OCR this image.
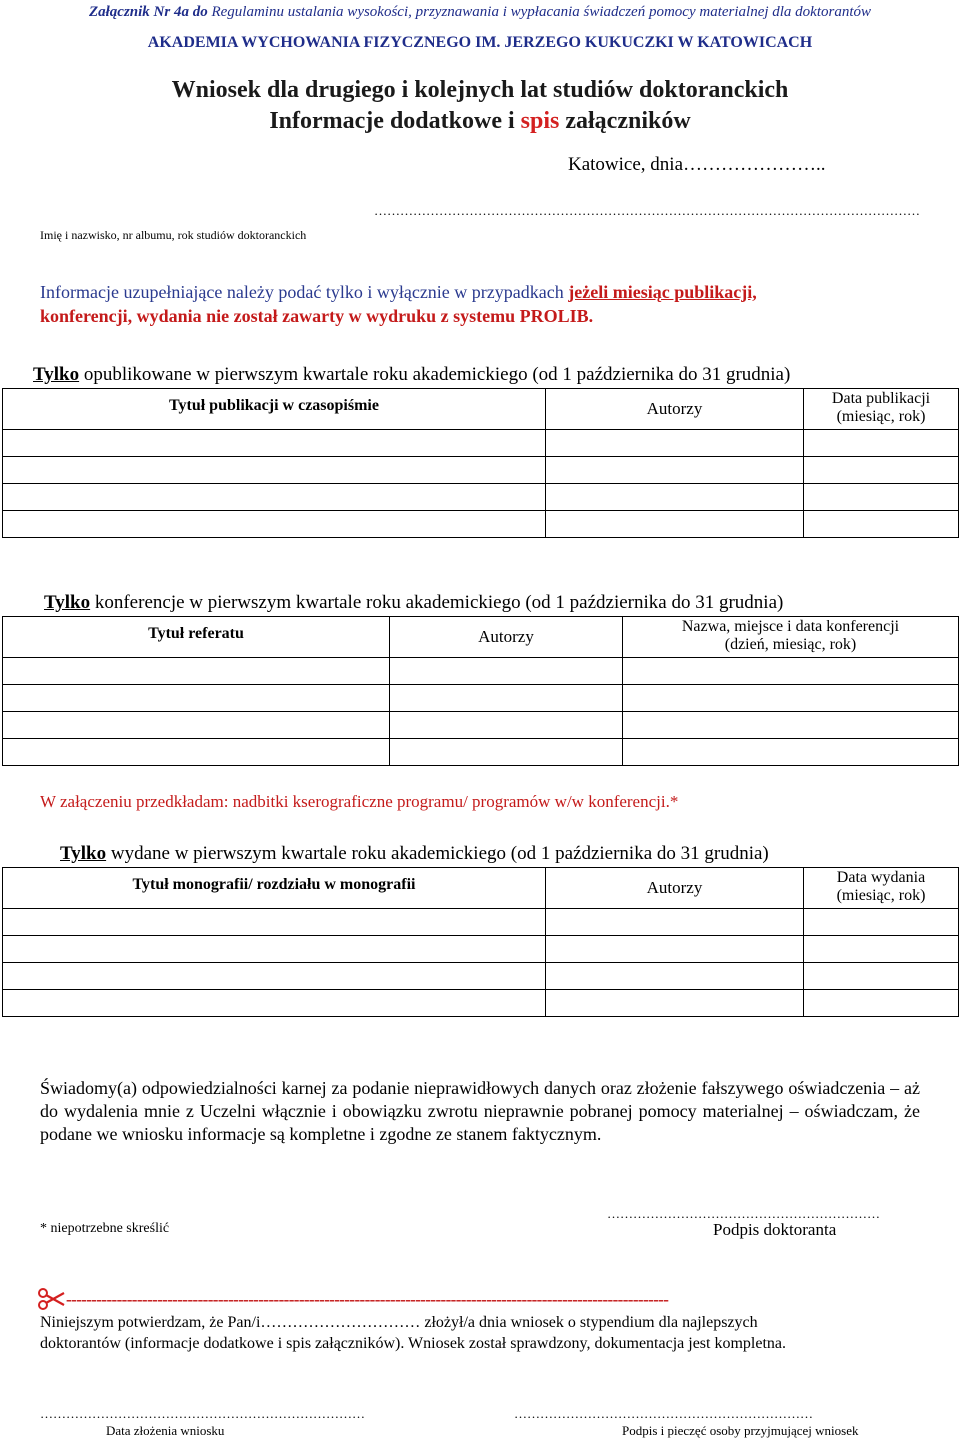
Załącznik Nr 4a do Regulaminu ustalania wysokości, przyznawania i wypłacania świadczeń pomocy materialnej dla doktorantów
AKADEMIA WYCHOWANIA FIZYCZNEGO IM. JERZEGO KUKUCZKI W KATOWICACH
Wniosek dla drugiego i kolejnych lat studiów doktoranckich
Informacje dodatkowe i spis załączników
Katowice, dnia…………………..
………………………………………………………………………………………………………………
Imię i nazwisko, nr albumu, rok studiów doktoranckich
Informacje uzupełniające należy podać tylko i wyłącznie w przypadkach jeżeli miesiąc publikacji,
konferencji, wydania nie został zawarty w wydruku z systemu PROLIB.
Tylko opublikowane w pierwszym kwartale roku akademickiego (od 1 października do 31 grudnia)
Tytuł publikacji w czasopiśmie	Autorzy	Data publikacji
(miesiąc, rok)

Tylko konferencje w pierwszym kwartale roku akademickiego (od 1 października do 31 grudnia)
Tytuł referatu	Autorzy	Nazwa, miejsce i data konferencji
(dzień, miesiąc, rok)

W załączeniu przedkładam: nadbitki kserograficzne programu/ programów w/w konferencji.*
Tylko wydane w pierwszym kwartale roku akademickiego (od 1 października do 31 grudnia)
Tytuł monografii/ rozdziału w monografii	Autorzy	Data wydania
(miesiąc, rok)

Świadomy(a) odpowiedzialności karnej za podanie nieprawidłowych danych oraz złożenie fałszywego oświadczenia – aż do wydalenia mnie z Uczelni włącznie i obowiązku zwrotu nieprawnie pobranej pomocy materialnej – oświadczam, że podane we wniosku informacje są kompletne i zgodne ze stanem faktycznym.
………………………………………………………
* niepotrzebne skreślić	Podpis doktoranta
-----------------------------------------------------------------------------------------------------------------------
Niniejszym potwierdzam, że Pan/i………………………… złożył/a dnia wniosek o stypendium dla najlepszych
doktorantów (informacje dodatkowe i spis załączników). Wniosek został sprawdzony, dokumentacja jest kompletna.
…………………………………………………………………
Data złożenia wniosku
……………………………………………………………
Podpis i pieczęć osoby przyjmującej wniosek
